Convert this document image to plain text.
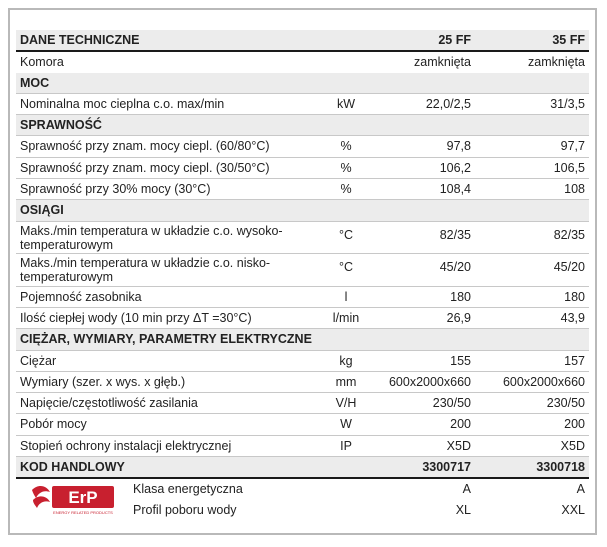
DANE TECHNICZNE	25 FF	35 FF
Komora	zamknięta	zamknięta
MOC
Nominalna moc cieplna c.o. max/min	kW	22,0/2,5	31/3,5
SPRAWNOŚĆ
Sprawność przy znam. mocy ciepl. (60/80°C)	%	97,8	97,7
Sprawność przy znam. mocy ciepl. (30/50°C)	%	106,2	106,5
Sprawność przy 30% mocy (30°C)	%	108,4	108
OSIĄGI
Maks./min temperatura w układzie c.o. wysoko-temperaturowym
°C	82/35	82/35
Maks./min temperatura w układzie c.o. nisko-temperaturowym
°C	45/20	45/20
Pojemność zasobnika	l	180	180
Ilość ciepłej wody (10 min przy ΔT =30°C)	l/min	26,9	43,9
CIĘŻAR, WYMIARY, PARAMETRY ELEKTRYCZNE
Ciężar	kg	155	157
Wymiary (szer. x wys. x głęb.)	mm	600x2000x660	600x2000x660
Napięcie/częstotliwość zasilania	V/H	230/50	230/50
Pobór mocy	W	200	200
Stopień ochrony instalacji elektrycznej	IP	X5D	X5D
KOD HANDLOWY	3300717	3300718
ErP
ENERGY RELATED PRODUCTS
Klasa energetyczna	A	A
Profil poboru wody	XL	XXL
